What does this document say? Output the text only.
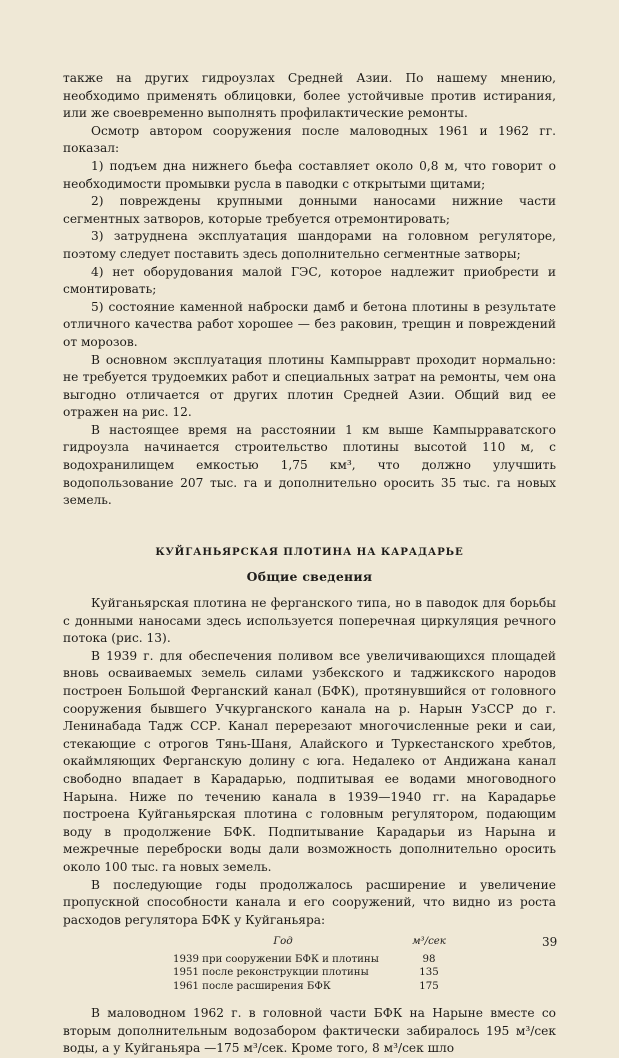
также на других гидроузлах Средней Азии. По нашему мнению, необходимо применять облицовки, более устойчивые против истирания, или же своевременно выполнять профилактические ремонты.

Осмотр автором сооружения после маловодных 1961 и 1962 гг. показал:

1) подъем дна нижнего бьефа составляет около 0,8 м, что говорит о необходимости промывки русла в паводки с открытыми щитами;

2) повреждены крупными донными наносами нижние части сегментных затворов, которые требуется отремонтировать;

3) затруднена эксплуатация шандорами на головном регуляторе, поэтому следует поставить здесь дополнительно сегментные затворы;

4) нет оборудования малой ГЭС, которое надлежит приобрести и смонтировать;

5) состояние каменной наброски дамб и бетона плотины в результате отличного качества работ хорошее — без раковин, трещин и повреждений от морозов.

В основном эксплуатация плотины Кампырравт проходит нормально: не требуется трудоемких работ и специальных затрат на ремонты, чем она выгодно отличается от других плотин Средней Азии. Общий вид ее отражен на рис. 12.

В настоящее время на расстоянии 1 км выше Кампырраватского гидроузла начинается строительство плотины высотой 110 м, с водохранилищем емкостью 1,75 км³, что должно улучшить водопользование 207 тыс. га и дополнительно оросить 35 тыс. га новых земель.

КУЙГАНЬЯРСКАЯ ПЛОТИНА НА КАРАДАРЬЕ
Общие сведения

Куйганьярская плотина не ферганского типа, но в паводок для борьбы с донными наносами здесь используется поперечная циркуляция речного потока (рис. 13).

В 1939 г. для обеспечения поливом все увеличивающихся площадей вновь осваиваемых земель силами узбекского и таджикского народов построен Большой Ферганский канал (БФК), протянувшийся от головного сооружения бывшего Учкурганского канала на р. Нарын УзССР до г. Ленинабада Тадж ССР. Канал перерезают многочисленные реки и саи, стекающие с отрогов Тянь-Шаня, Алайского и Туркестанского хребтов, окаймляющих Ферганскую долину с юга. Недалеко от Андижана канал свободно впадает в Карадарью, подпитывая ее водами многоводного Нарына. Ниже по течению канала в 1939—1940 гг. на Карадарье построена Куйганьярская плотина с головным регулятором, подающим воду в продолжение БФК. Подпитывание Карадарьи из Нарына и межречные переброски воды дали возможность дополнительно оросить около 100 тыс. га новых земель.

В последующие годы продолжалось расширение и увеличение пропускной способности канала и его сооружений, что видно из роста расходов регулятора БФК у Куйганьяра:

Год	м³/сек
1939 при сооружении БФК и плотины	98
1951 после реконструкции плотины	135
1961 после расширения БФК	175

В маловодном 1962 г. в головной части БФК на Нарыне вместе со вторым дополнительным водозабором фактически забиралось 195 м³/сек воды, а у Куйганьяра —175 м³/сек. Кроме того, 8 м³/сек шло

39
